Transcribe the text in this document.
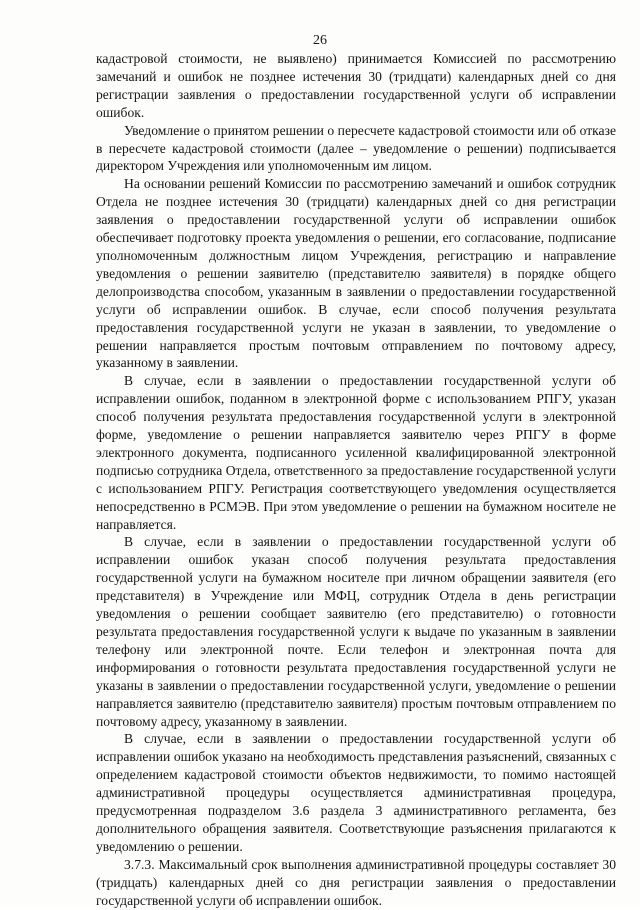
26

кадастровой стоимости, не выявлено) принимается Комиссией по рассмотрению замечаний и ошибок не позднее истечения 30 (тридцати) календарных дней со дня регистрации заявления о предоставлении государственной услуги об исправлении ошибок.

Уведомление о принятом решении о пересчете кадастровой стоимости или об отказе в пересчете кадастровой стоимости (далее – уведомление о решении) подписывается директором Учреждения или уполномоченным им лицом.

На основании решений Комиссии по рассмотрению замечаний и ошибок сотрудник Отдела не позднее истечения 30 (тридцати) календарных дней со дня регистрации заявления о предоставлении государственной услуги об исправлении ошибок обеспечивает подготовку проекта уведомления о решении, его согласование, подписание уполномоченным должностным лицом Учреждения, регистрацию и направление уведомления о решении заявителю (представителю заявителя) в порядке общего делопроизводства способом, указанным в заявлении о предоставлении государственной услуги об исправлении ошибок. В случае, если способ получения результата предоставления государственной услуги не указан в заявлении, то уведомление о решении направляется простым почтовым отправлением по почтовому адресу, указанному в заявлении.

В случае, если в заявлении о предоставлении государственной услуги об исправлении ошибок, поданном в электронной форме с использованием РПГУ, указан способ получения результата предоставления государственной услуги в электронной форме, уведомление о решении направляется заявителю через РПГУ в форме электронного документа, подписанного усиленной квалифицированной электронной подписью сотрудника Отдела, ответственного за предоставление государственной услуги с использованием РПГУ. Регистрация соответствующего уведомления осуществляется непосредственно в РСМЭВ. При этом уведомление о решении на бумажном носителе не направляется.

В случае, если в заявлении о предоставлении государственной услуги об исправлении ошибок указан способ получения результата предоставления государственной услуги на бумажном носителе при личном обращении заявителя (его представителя) в Учреждение или МФЦ, сотрудник Отдела в день регистрации уведомления о решении сообщает заявителю (его представителю) о готовности результата предоставления государственной услуги к выдаче по указанным в заявлении телефону или электронной почте. Если телефон и электронная почта для информирования о готовности результата предоставления государственной услуги не указаны в заявлении о предоставлении государственной услуги, уведомление о решении направляется заявителю (представителю заявителя) простым почтовым отправлением по почтовому адресу, указанному в заявлении.

В случае, если в заявлении о предоставлении государственной услуги об исправлении ошибок указано на необходимость представления разъяснений, связанных с определением кадастровой стоимости объектов недвижимости, то помимо настоящей административной процедуры осуществляется административная процедура, предусмотренная подразделом 3.6 раздела 3 административного регламента, без дополнительного обращения заявителя. Соответствующие разъяснения прилагаются к уведомлению о решении.

3.7.3. Максимальный срок выполнения административной процедуры составляет 30 (тридцать) календарных дней со дня регистрации заявления о предоставлении государственной услуги об исправлении ошибок.
